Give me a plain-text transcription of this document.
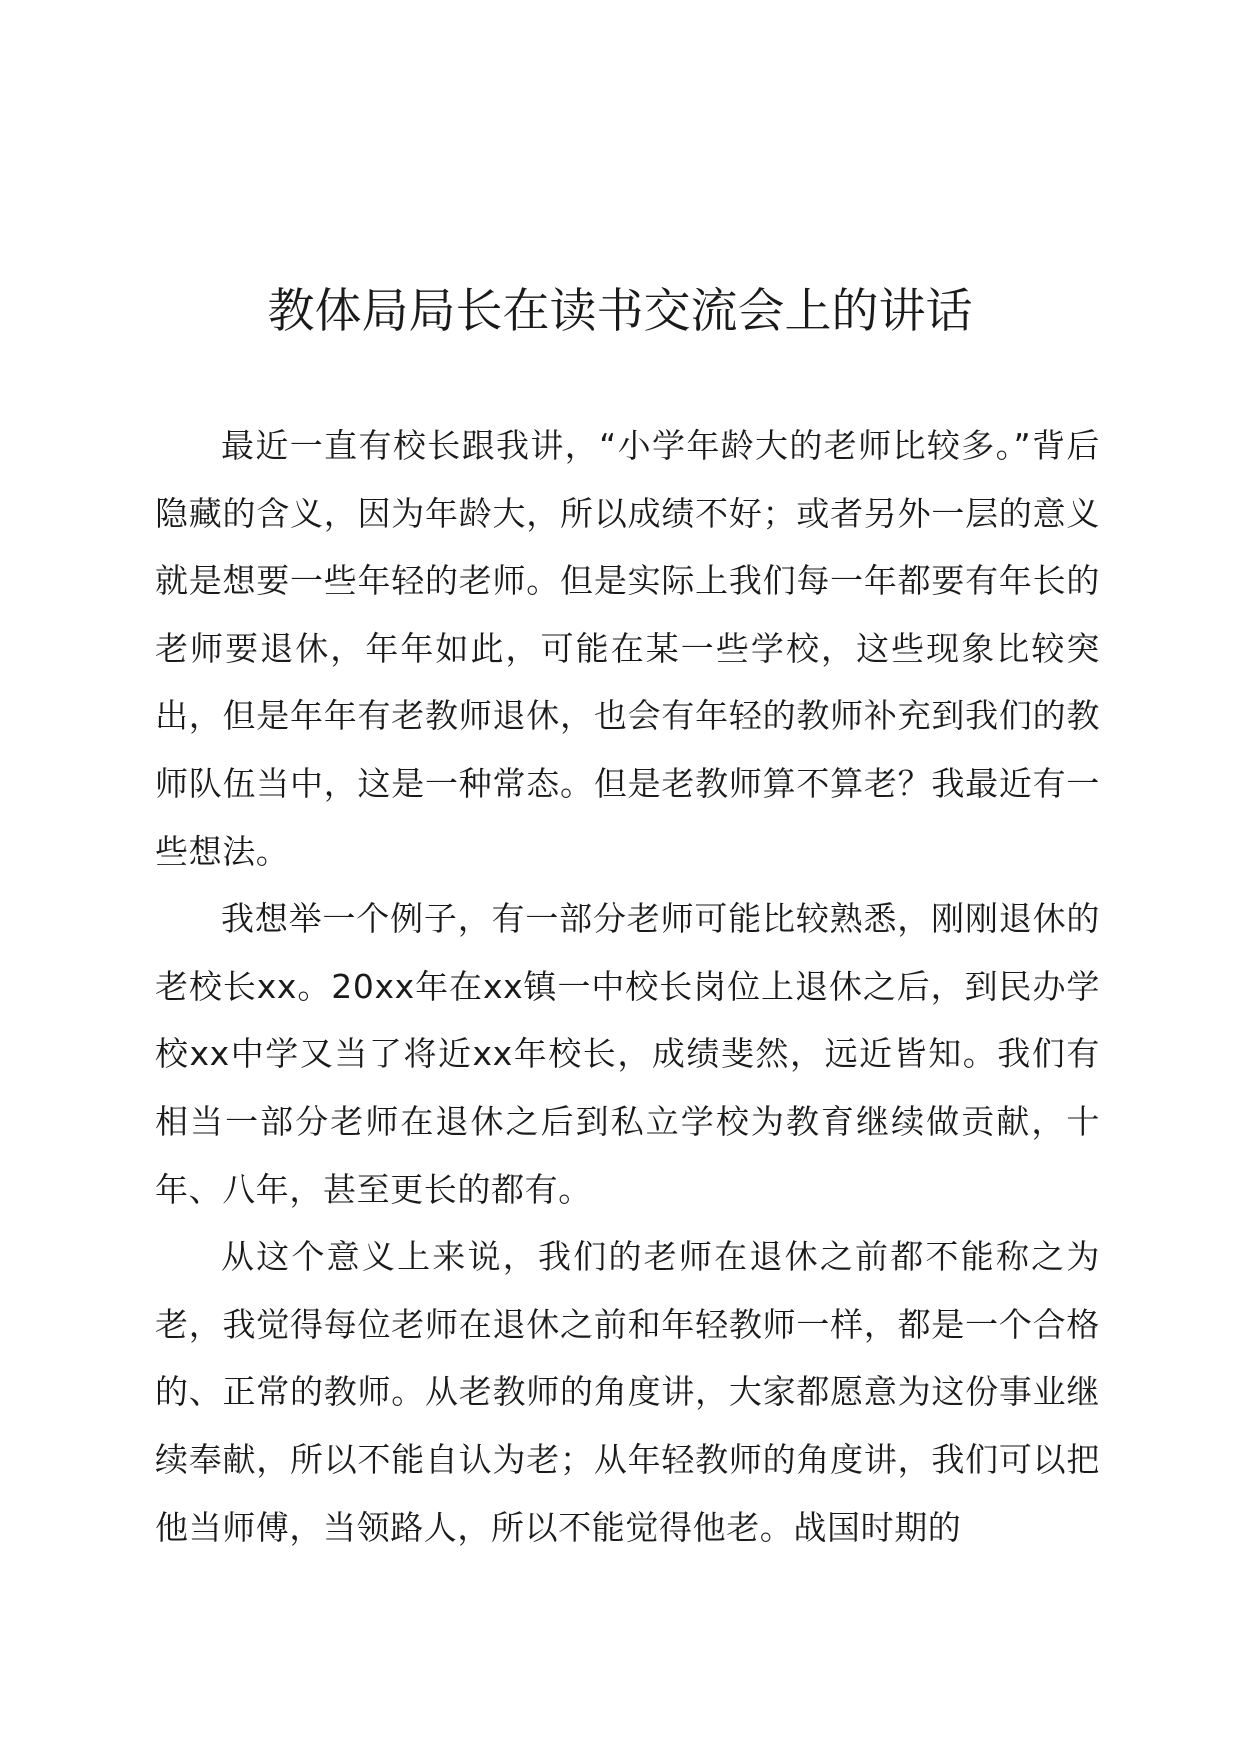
教体局局长在读书交流会上的讲话

最近一直有校长跟我讲，“小学年龄大的老师比较多。”背后隐藏的含义，因为年龄大，所以成绩不好；或者另外一层的意义就是想要一些年轻的老师。但是实际上我们每一年都要有年长的老师要退休，年年如此，可能在某一些学校，这些现象比较突出，但是年年有老教师退休，也会有年轻的教师补充到我们的教师队伍当中，这是一种常态。但是老教师算不算老？我最近有一些想法。

我想举一个例子，有一部分老师可能比较熟悉，刚刚退休的老校长xx。20xx年在xx镇一中校长岗位上退休之后，到民办学校xx中学又当了将近xx年校长，成绩斐然，远近皆知。我们有相当一部分老师在退休之后到私立学校为教育继续做贡献，十年、八年，甚至更长的都有。

从这个意义上来说，我们的老师在退休之前都不能称之为老，我觉得每位老师在退休之前和年轻教师一样，都是一个合格的、正常的教师。从老教师的角度讲，大家都愿意为这份事业继续奉献，所以不能自认为老；从年轻教师的角度讲，我们可以把他当师傅，当领路人，所以不能觉得他老。战国时期的
